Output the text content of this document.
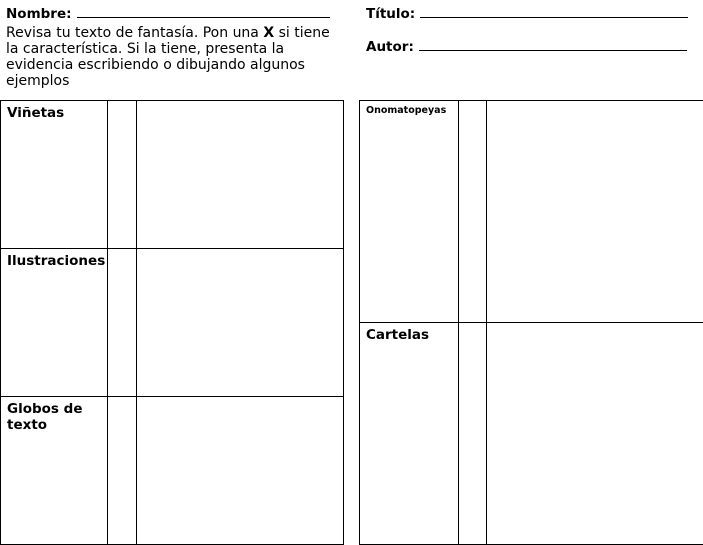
Nombre:	Título:
Autor:
Revisa tu texto de fantasía. Pon una X si tiene la característica. Si la tiene, presenta la evidencia escribiendo o dibujando algunos ejemplos
Viñetas		

Ilustraciones		

Globos de texto		

Onomatopeyas		

Cartelas		
